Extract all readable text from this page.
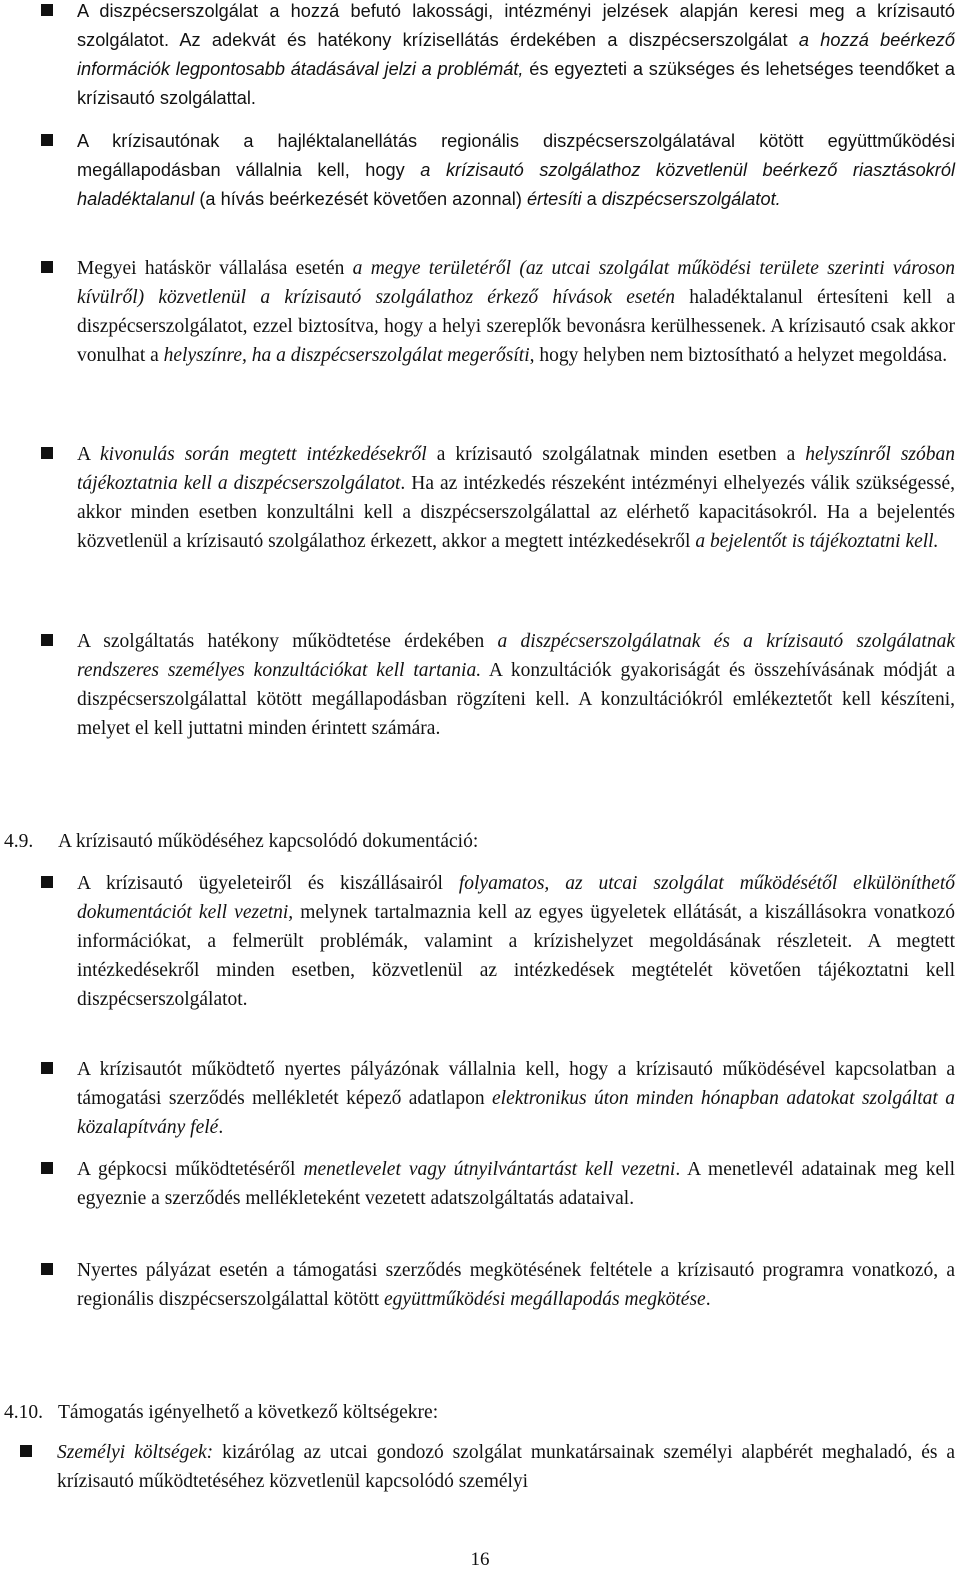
A diszpécserszolgálat a hozzá befutó lakossági, intézményi jelzések alapján keresi meg a krízisautó szolgálatot. Az adekvát és hatékony kríziseIlátás érdekében a diszpécserszolgálat a hozzá beérkező információk legpontosabb átadásával jelzi a problémát, és egyezteti a szükséges és lehetséges teendőket a krízisautó szolgálattal.
A krízisautónak a hajléktalanellátás regionális diszpécserszolgálatával kötött együttműködési megállapodásban vállalnia kell, hogy a krízisautó szolgálathoz közvetlenül beérkező riasztásokról haladéktalanul (a hívás beérkezését követően azonnal) értesíti a diszpécserszolgálatot.
Megyei hatáskör vállalása esetén a megye területéről (az utcai szolgálat működési területe szerinti városon kívülről) közvetlenül a krízisautó szolgálathoz érkező hívások esetén haladéktalanul értesíteni kell a diszpécserszolgálatot, ezzel biztosítva, hogy a helyi szereplők bevonásra kerülhessenek. A krízisautó csak akkor vonulhat a helyszínre, ha a diszpécserszolgálat megerősíti, hogy helyben nem biztosítható a helyzet megoldása.
A kivonulás során megtett intézkedésekről a krízisautó szolgálatnak minden esetben a helyszínről szóban tájékoztatnia kell a diszpécserszolgálatot. Ha az intézkedés részeként intézményi elhelyezés válik szükségessé, akkor minden esetben konzultálni kell a diszpécserszolgálattal az elérhető kapacitásokról. Ha a bejelentés közvetlenül a krízisautó szolgálathoz érkezett, akkor a megtett intézkedésekről a bejelentőt is tájékoztatni kell.
A szolgáltatás hatékony működtetése érdekében a diszpécserszolgálatnak és a krízisautó szolgálatnak rendszeres személyes konzultációkat kell tartania. A konzultációk gyakoriságát és összehívásának módját a diszpécserszolgálattal kötött megállapodásban rögzíteni kell. A konzultációkról emlékeztetőt kell készíteni, melyet el kell juttatni minden érintett számára.
4.9. A krízisautó működéséhez kapcsolódó dokumentáció:
A krízisautó ügyeleteiről és kiszállásairól folyamatos, az utcai szolgálat működésétől elkülöníthető dokumentációt kell vezetni, melynek tartalmaznia kell az egyes ügyeletek ellátását, a kiszállásokra vonatkozó információkat, a felmerült problémák, valamint a krízishelyzet megoldásának részleteit. A megtett intézkedésekről minden esetben, közvetlenül az intézkedések megtételét követően tájékoztatni kell diszpécserszolgálatot.
A krízisautót működtető nyertes pályázónak vállalnia kell, hogy a krízisautó működésével kapcsolatban a támogatási szerződés mellékletét képező adatlapon elektronikus úton minden hónapban adatokat szolgáltat a közalapítvány felé.
A gépkocsi működtetéséről menetlevelet vagy útnyilvántartást kell vezetni. A menetlevél adatainak meg kell egyeznie a szerződés mellékleteként vezetett adatszolgáltatás adataival.
Nyertes pályázat esetén a támogatási szerződés megkötésének feltétele a krízisautó programra vonatkozó, a regionális diszpécserszolgálattal kötött együttműködési megállapodás megkötése.
4.10. Támogatás igényelhető a következő költségekre:
Személyi költségek: kizárólag az utcai gondozó szolgálat munkatársainak személyi alapbérét meghaladó, és a krízisautó működtetéséhez közvetlenül kapcsolódó személyi
16
